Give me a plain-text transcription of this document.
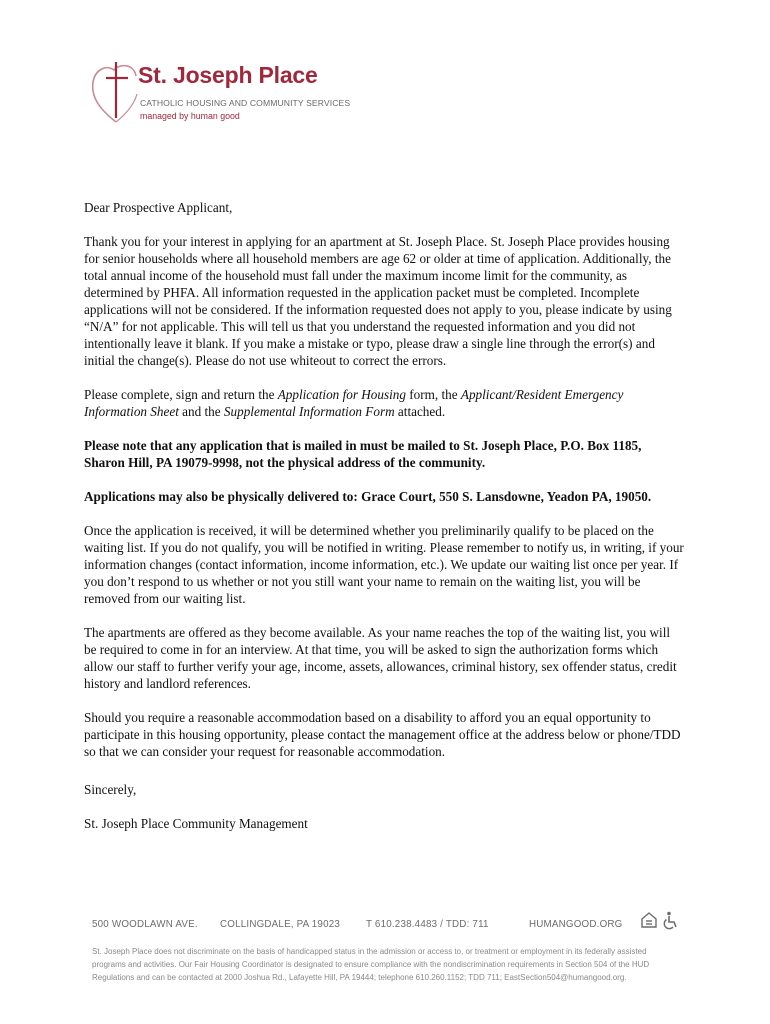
St. Joseph Place
CATHOLIC HOUSING AND COMMUNITY SERVICES
managed by human good

Dear Prospective Applicant,

Thank you for your interest in applying for an apartment at St. Joseph Place. St. Joseph Place provides housing for senior households where all household members are age 62 or older at time of application. Additionally, the total annual income of the household must fall under the maximum income limit for the community, as determined by PHFA. All information requested in the application packet must be completed. Incomplete applications will not be considered. If the information requested does not apply to you, please indicate by using “N/A” for not applicable. This will tell us that you understand the requested information and you did not intentionally leave it blank. If you make a mistake or typo, please draw a single line through the error(s) and initial the change(s). Please do not use whiteout to correct the errors.

Please complete, sign and return the Application for Housing form, the Applicant/Resident Emergency Information Sheet and the Supplemental Information Form attached.

Please note that any application that is mailed in must be mailed to St. Joseph Place, P.O. Box 1185, Sharon Hill, PA 19079-9998, not the physical address of the community.

Applications may also be physically delivered to: Grace Court, 550 S. Lansdowne, Yeadon PA, 19050.

Once the application is received, it will be determined whether you preliminarily qualify to be placed on the waiting list. If you do not qualify, you will be notified in writing. Please remember to notify us, in writing, if your information changes (contact information, income information, etc.). We update our waiting list once per year. If you don’t respond to us whether or not you still want your name to remain on the waiting list, you will be removed from our waiting list.

The apartments are offered as they become available. As your name reaches the top of the waiting list, you will be required to come in for an interview. At that time, you will be asked to sign the authorization forms which allow our staff to further verify your age, income, assets, allowances, criminal history, sex offender status, credit history and landlord references.

Should you require a reasonable accommodation based on a disability to afford you an equal opportunity to participate in this housing opportunity, please contact the management office at the address below or phone/TDD so that we can consider your request for reasonable accommodation.

Sincerely,

St. Joseph Place Community Management

500 WOODLAWN AVE. COLLINGDALE, PA 19023	T 610.238.4483 / TDD: 711	HUMANGOOD.ORG
St. Joseph Place does not discriminate on the basis of handicapped status in the admission or access to, or treatment or employment in its federally assisted programs and activities. Our Fair Housing Coordinator is designated to ensure compliance with the nondiscrimination requirements in Section 504 of the HUD Regulations and can be contacted at 2000 Joshua Rd., Lafayette Hill, PA 19444; telephone 610.260.1152; TDD 711; EastSection504@humangood.org.
